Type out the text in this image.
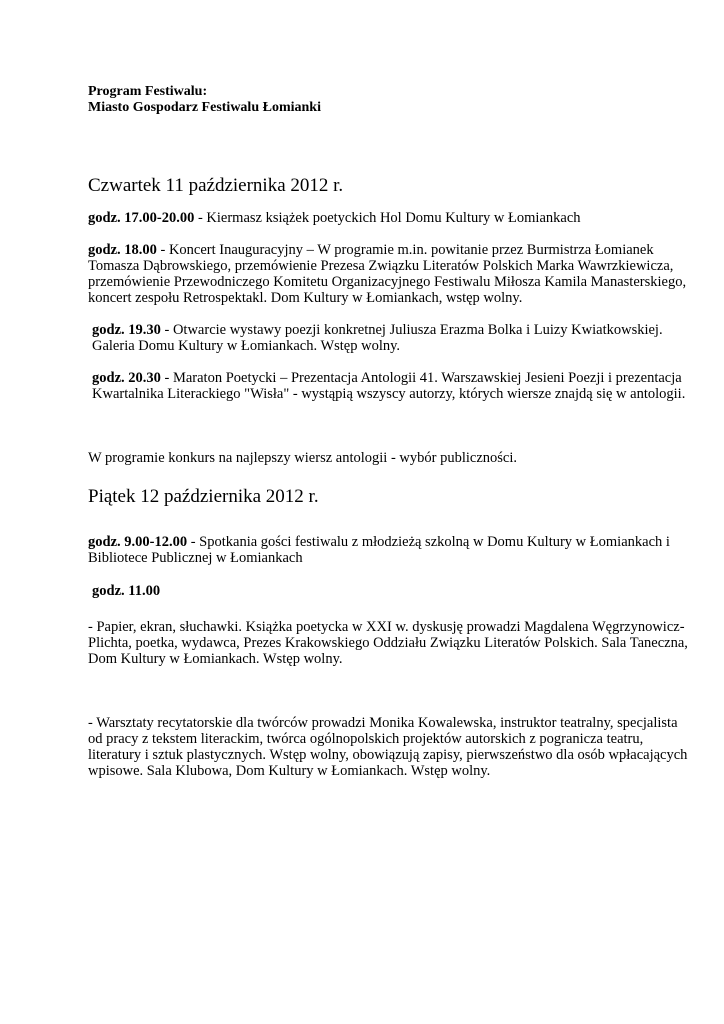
Program Festiwalu:

Miasto Gospodarz Festiwalu Łomianki

Czwartek 11 października 2012 r.

godz. 17.00-20.00 - Kiermasz książek poetyckich Hol Domu Kultury w Łomiankach

godz. 18.00 - Koncert Inauguracyjny – W programie m.in. powitanie przez Burmistrza Łomianek Tomasza Dąbrowskiego, przemówienie Prezesa Związku Literatów Polskich Marka Wawrzkiewicza, przemówienie Przewodniczego Komitetu Organizacyjnego Festiwalu Miłosza Kamila Manasterskiego, koncert zespołu Retrospektakl. Dom Kultury w Łomiankach, wstęp wolny.

godz. 19.30 - Otwarcie wystawy poezji konkretnej Juliusza Erazma Bolka i Luizy Kwiatkowskiej. Galeria Domu Kultury w Łomiankach. Wstęp wolny.

godz. 20.30 - Maraton Poetycki – Prezentacja Antologii 41. Warszawskiej Jesieni Poezji i prezentacja Kwartalnika Literackiego "Wisła" - wystąpią wszyscy autorzy, których wiersze znajdą się w antologii.

W programie konkurs na najlepszy wiersz antologii - wybór publiczności.

Piątek 12 października 2012 r.

godz. 9.00-12.00 - Spotkania gości festiwalu z młodzieżą szkolną w Domu Kultury w Łomiankach i Bibliotece Publicznej w Łomiankach

godz. 11.00

- Papier, ekran, słuchawki. Książka poetycka w XXI w. dyskusję prowadzi Magdalena Węgrzynowicz-Plichta, poetka, wydawca, Prezes Krakowskiego Oddziału Związku Literatów Polskich. Sala Taneczna, Dom Kultury w Łomiankach. Wstęp wolny.

- Warsztaty recytatorskie dla twórców prowadzi Monika Kowalewska, instruktor teatralny, specjalista od pracy z tekstem literackim, twórca ogólnopolskich projektów autorskich z pogranicza teatru, literatury i sztuk plastycznych. Wstęp wolny, obowiązują zapisy, pierwszeństwo dla osób wpłacających wpisowe. Sala Klubowa, Dom Kultury w Łomiankach. Wstęp wolny.
